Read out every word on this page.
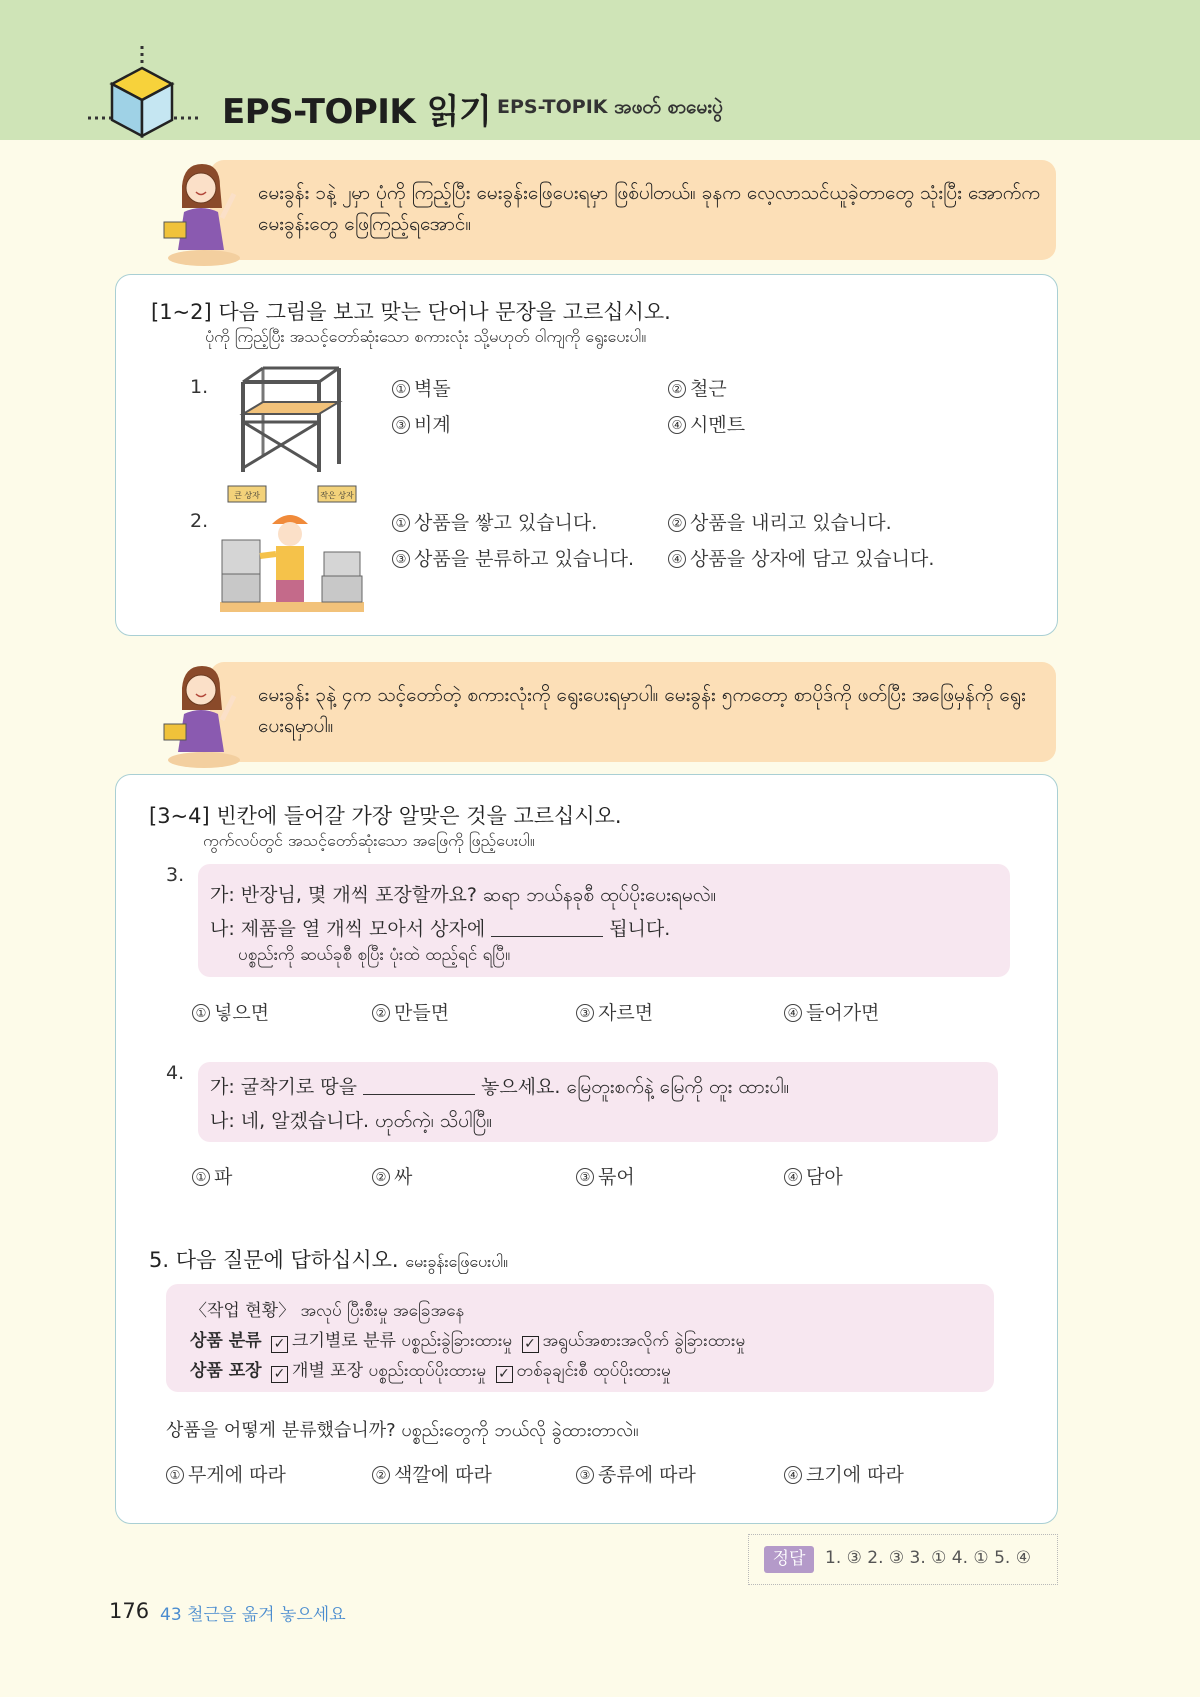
EPS-TOPIK 읽기 EPS-TOPIK အဖတ် စာမေးပွဲ
မေးခွန်း ၁နဲ့ ၂မှာ ပုံကို ကြည့်ပြီး မေးခွန်းဖြေပေးရမှာ ဖြစ်ပါတယ်။ ခုနက လေ့လာသင်ယူခဲ့တာတွေ သုံးပြီး အောက်က မေးခွန်းတွေ ဖြေကြည့်ရအောင်။
[1~2] 다음 그림을 보고 맞는 단어나 문장을 고르십시오.
ပုံကို ကြည့်ပြီး အသင့်တော်ဆုံးသော စကားလုံး သို့မဟုတ် ဝါကျကို ရွေးပေးပါ။
1.	① 벽돌	② 철근
③ 비계	④ 시멘트
2.
큰 상자	작은 상자
① 상품을 쌓고 있습니다.	② 상품을 내리고 있습니다.
③ 상품을 분류하고 있습니다.	④ 상품을 상자에 담고 있습니다.
မေးခွန်း ၃နဲ့ ၄က သင့်တော်တဲ့ စကားလုံးကို ရွေးပေးရမှာပါ။ မေးခွန်း ၅ကတော့ စာပိုဒ်ကို ဖတ်ပြီး အဖြေမှန်ကို ရွေးပေးရမှာပါ။
[3~4] 빈칸에 들어갈 가장 알맞은 것을 고르십시오.
ကွက်လပ်တွင် အသင့်တော်ဆုံးသော အဖြေကို ဖြည့်ပေးပါ။
3.
가: 반장님, 몇 개씩 포장할까요? ဆရာ ဘယ်နခုစီ ထုပ်ပိုးပေးရမလဲ။
나: 제품을 열 개씩 모아서 상자에	됩니다.
ပစ္စည်းကို ဆယ်ခုစီ စုပြီး ပုံးထဲ ထည့်ရင် ရပြီ။
① 넣으면	② 만들면	③ 자르면	④ 들어가면
4.
가: 굴착기로 땅을	놓으세요. မြေတူးစက်နဲ့ မြေကို တူး ထားပါ။
나: 네, 알겠습니다. ဟုတ်ကဲ့၊ သိပါပြီ။
① 파	② 싸	③ 묶어	④ 담아
5. 다음 질문에 답하십시오. မေးခွန်းဖြေပေးပါ။
〈작업 현황〉 အလုပ် ပြီးစီးမှု အခြေအနေ
상품 분류 ✓ 크기별로 분류 ပစ္စည်းခွဲခြားထားမှု ✓ အရွယ်အစားအလိုက် ခွဲခြားထားမှု
상품 포장 ✓ 개별 포장 ပစ္စည်းထုပ်ပိုးထားမှု ✓ တစ်ခုချင်းစီ ထုပ်ပိုးထားမှု
상품을 어떻게 분류했습니까? ပစ္စည်းတွေကို ဘယ်လို ခွဲထားတာလဲ။
① 무게에 따라	② 색깔에 따라	③ 종류에 따라	④ 크기에 따라
정답	1. ③ 2. ③ 3. ① 4. ① 5. ④
176 43 철근을 옮겨 놓으세요
